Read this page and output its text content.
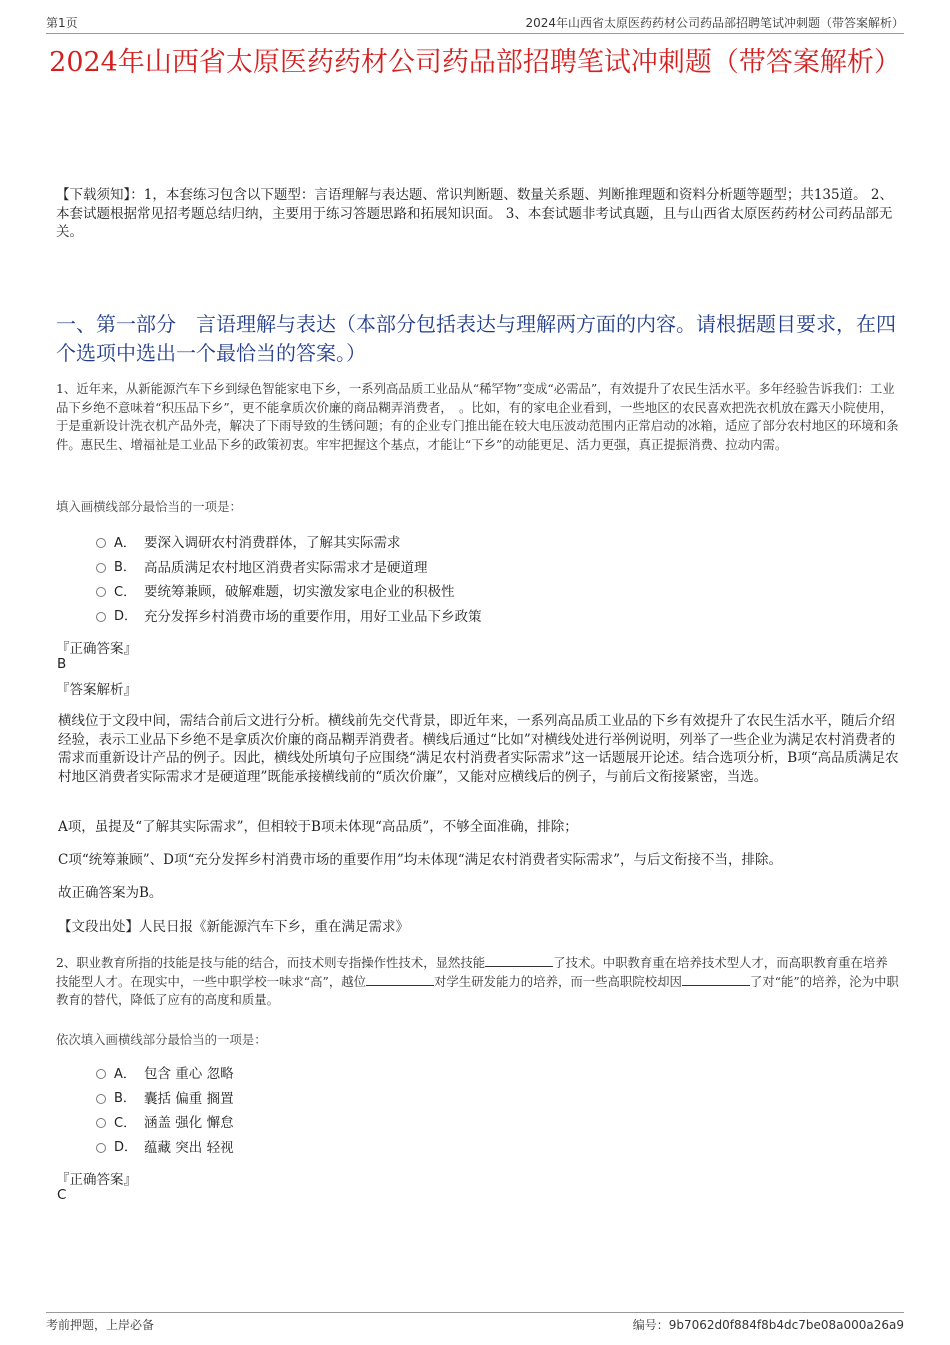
第1页	2024年山西省太原医药药材公司药品部招聘笔试冲刺题（带答案解析）
2024年山西省太原医药药材公司药品部招聘笔试冲刺题（带答案解析）
【下载须知】：1，本套练习包含以下题型：言语理解与表达题、常识判断题、数量关系题、判断推理题和资料分析题等题型；共135道。 2、本套试题根据常见招考题总结归纳，主要用于练习答题思路和拓展知识面。 3、本套试题非考试真题，且与山西省太原医药药材公司药品部无关。
一、第一部分　言语理解与表达（本部分包括表达与理解两方面的内容。请根据题目要求，在四个选项中选出一个最恰当的答案。）
1、近年来，从新能源汽车下乡到绿色智能家电下乡，一系列高品质工业品从“稀罕物”变成“必需品”，有效提升了农民生活水平。多年经验告诉我们：工业品下乡绝不意味着“积压品下乡”，更不能拿质次价廉的商品糊弄消费者，　。比如，有的家电企业看到，一些地区的农民喜欢把洗衣机放在露天小院使用，于是重新设计洗衣机产品外壳，解决了下雨导致的生锈问题；有的企业专门推出能在较大电压波动范围内正常启动的冰箱，适应了部分农村地区的环境和条件。惠民生、增福祉是工业品下乡的政策初衷。牢牢把握这个基点，才能让“下乡”的动能更足、活力更强，真正提振消费、拉动内需。
填入画横线部分最恰当的一项是：
A． 要深入调研农村消费群体，了解其实际需求
B． 高品质满足农村地区消费者实际需求才是硬道理
C． 要统筹兼顾，破解难题，切实激发家电企业的积极性
D． 充分发挥乡村消费市场的重要作用，用好工业品下乡政策
『正确答案』
B
『答案解析』
横线位于文段中间，需结合前后文进行分析。横线前先交代背景，即近年来，一系列高品质工业品的下乡有效提升了农民生活水平，随后介绍经验，表示工业品下乡绝不是拿质次价廉的商品糊弄消费者。横线后通过“比如”对横线处进行举例说明，列举了一些企业为满足农村消费者的需求而重新设计产品的例子。因此，横线处所填句子应围绕“满足农村消费者实际需求”这一话题展开论述。结合选项分析，B项“高品质满足农村地区消费者实际需求才是硬道理”既能承接横线前的“质次价廉”，又能对应横线后的例子，与前后文衔接紧密，当选。
A项，虽提及“了解其实际需求”，但相较于B项未体现“高品质”，不够全面准确，排除；
C项“统筹兼顾”、D项“充分发挥乡村消费市场的重要作用”均未体现“满足农村消费者实际需求”，与后文衔接不当，排除。
故正确答案为B。
【文段出处】人民日报《新能源汽车下乡，重在满足需求》
2、职业教育所指的技能是技与能的结合，而技术则专指操作性技术，显然技能	了技术。中职教育重在培养技术型人才，而高职教育重在培养技能型人才。在现实中，一些中职学校一味求“高”，越位	对学生研发能力的培养，而一些高职院校却因	了对“能”的培养，沦为中职教育的替代，降低了应有的高度和质量。
依次填入画横线部分最恰当的一项是：
A． 包含 重心 忽略
B． 囊括 偏重 搁置
C． 涵盖 强化 懈怠
D． 蕴藏 突出 轻视
『正确答案』
C
考前押题，上岸必备	编号：9b7062d0f884f8b4dc7be08a000a26a9
